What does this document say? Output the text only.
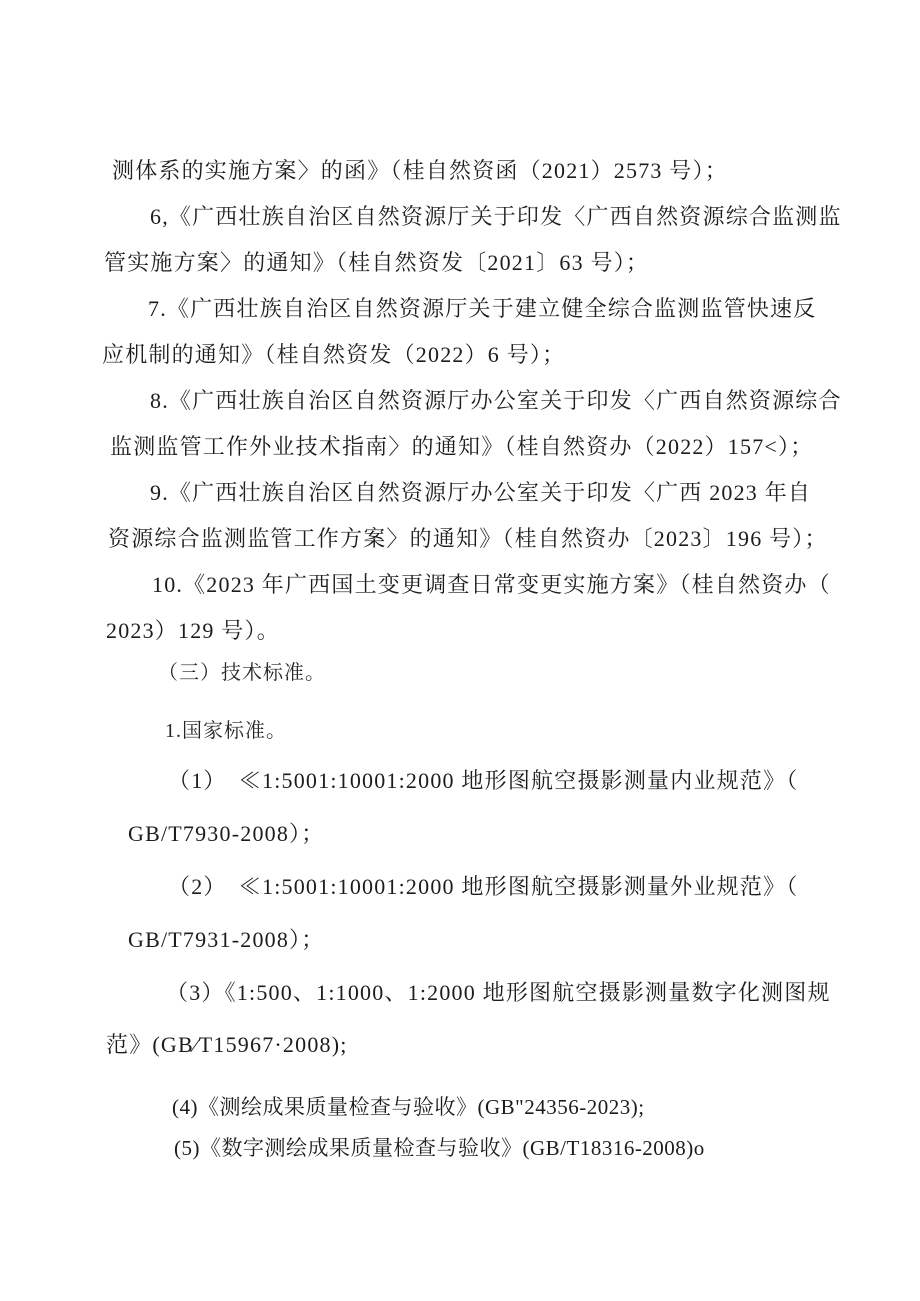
测体系的实施方案〉的函》（桂自然资函（2021）2573 号）；
6,《广西壮族自治区自然资源厅关于印发〈广西自然资源综合监测监
管实施方案〉的通知》（桂自然资发〔2021〕63 号）；
7.《广西壮族自治区自然资源厅关于建立健全综合监测监管快速反
应机制的通知》（桂自然资发（2022）6 号）；
8.《广西壮族自治区自然资源厅办公室关于印发〈广西自然资源综合
监测监管工作外业技术指南〉的通知》（桂自然资办（2022）157<）；
9.《广西壮族自治区自然资源厅办公室关于印发〈广西 2023 年自
资源综合监测监管工作方案〉的通知》（桂自然资办〔2023〕196 号）；
10.《2023 年广西国土变更调查日常变更实施方案》（桂自然资办（
2023）129 号）。
（三）技术标准。
1.国家标准。
（1）　≪1:5001:10001:2000 地形图航空摄影测量内业规范》（
GB/T7930-2008）；
（2）　≪1:5001:10001:2000 地形图航空摄影测量外业规范》（
GB/T7931-2008）；
（3）《1:500、1:1000、1:2000 地形图航空摄影测量数字化测图规
范》(GB∕T15967·2008);
(4)《测绘成果质量检查与验收》(GB"24356-2023);
(5)《数字测绘成果质量检查与验收》(GB/T18316-2008)o
